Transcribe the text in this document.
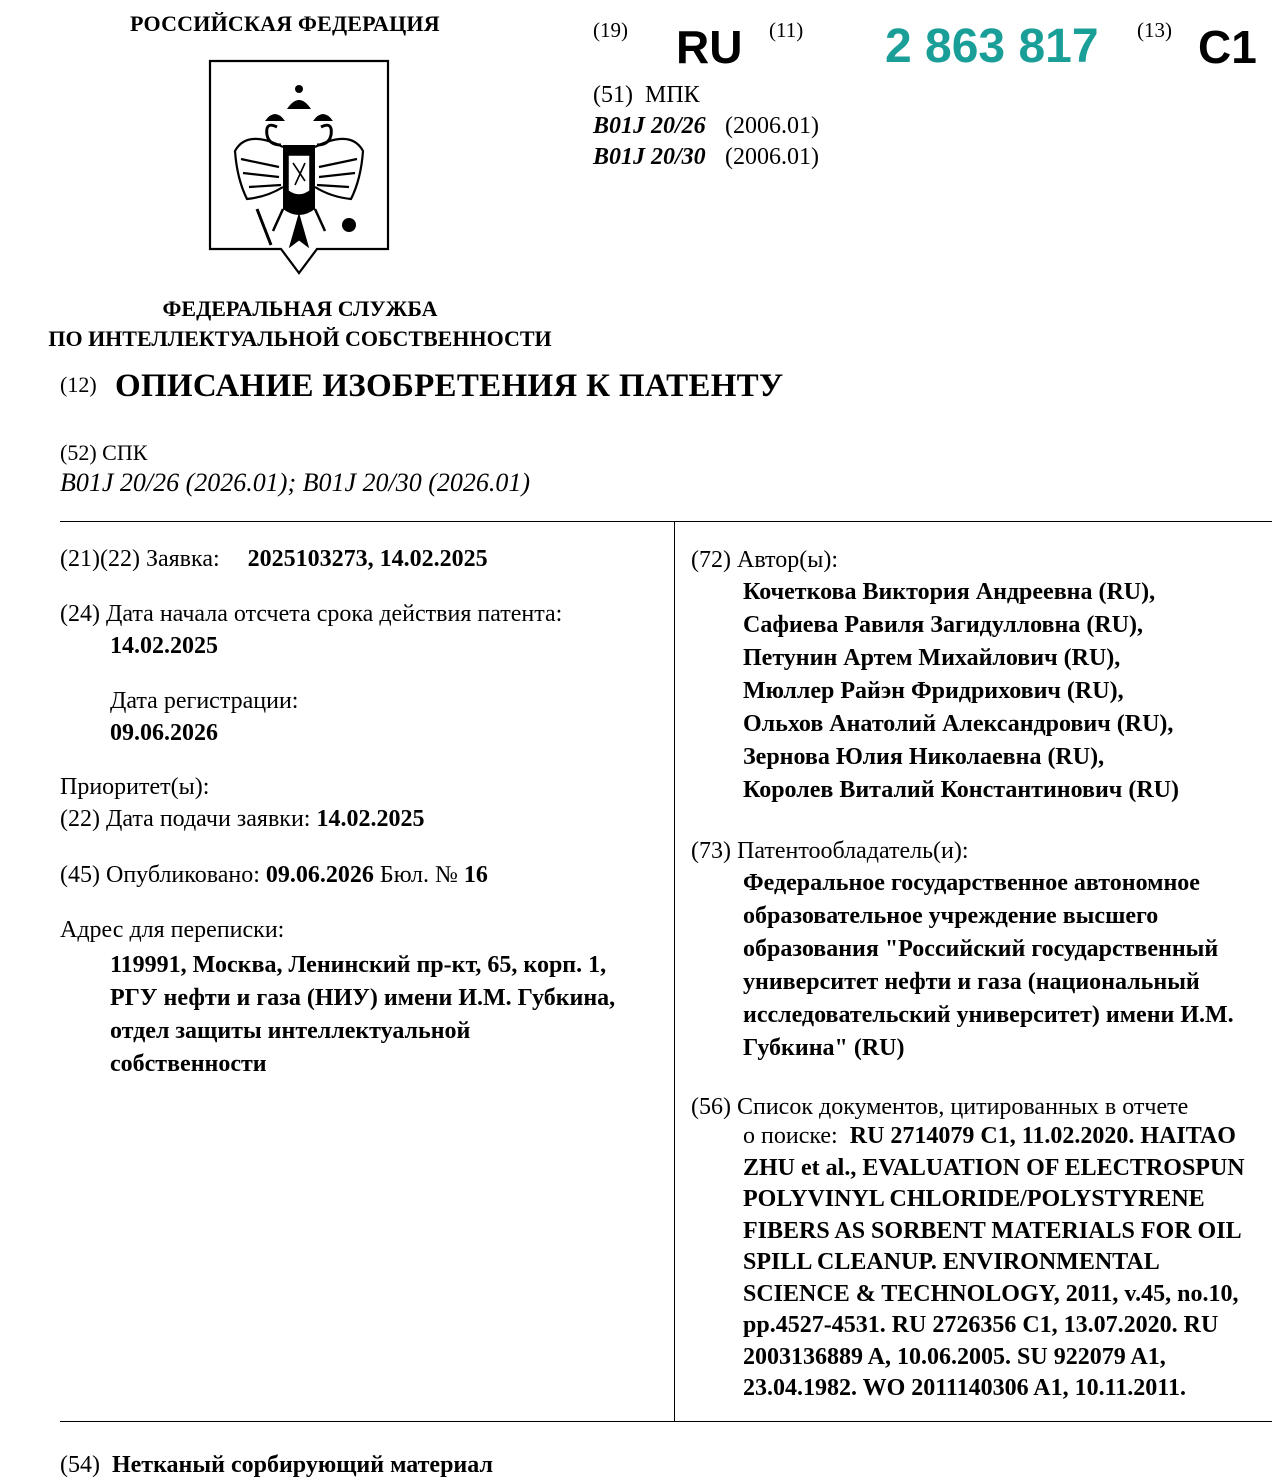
РОССИЙСКАЯ ФЕДЕРАЦИЯ
ФЕДЕРАЛЬНАЯ СЛУЖБА
ПО ИНТЕЛЛЕКТУАЛЬНОЙ СОБСТВЕННОСТИ
(19) RU (11) 2 863 817 (13) C1
(51) МПК
B01J 20/26 (2006.01)
B01J 20/30 (2006.01)
(12) ОПИСАНИЕ ИЗОБРЕТЕНИЯ К ПАТЕНТУ
(52) СПК
B01J 20/26 (2026.01); B01J 20/30 (2026.01)
(21)(22) Заявка: 2025103273, 14.02.2025
(24) Дата начала отсчета срока действия патента:
14.02.2025
Дата регистрации:
09.06.2026
Приоритет(ы):
(22) Дата подачи заявки: 14.02.2025
(45) Опубликовано: 09.06.2026 Бюл. № 16
Адрес для переписки:
119991, Москва, Ленинский пр-кт, 65, корп. 1,
РГУ нефти и газа (НИУ) имени И.М. Губкина,
отдел защиты интеллектуальной
собственности
(72) Автор(ы):
Кочеткова Виктория Андреевна (RU),
Сафиева Равиля Загидулловна (RU),
Петунин Артем Михайлович (RU),
Мюллер Райэн Фридрихович (RU),
Ольхов Анатолий Александрович (RU),
Зернова Юлия Николаевна (RU),
Королев Виталий Константинович (RU)
(73) Патентообладатель(и):
Федеральное государственное автономное
образовательное учреждение высшего
образования "Российский государственный
университет нефти и газа (национальный
исследовательский университет) имени И.М.
Губкина" (RU)
(56) Список документов, цитированных в отчете
о поиске: RU 2714079 C1, 11.02.2020. HAITAO
ZHU et al., EVALUATION OF ELECTROSPUN
POLYVINYL CHLORIDE/POLYSTYRENE
FIBERS AS SORBENT MATERIALS FOR OIL
SPILL CLEANUP. ENVIRONMENTAL
SCIENCE & TECHNOLOGY, 2011, v.45, no.10,
pp.4527-4531. RU 2726356 C1, 13.07.2020. RU
2003136889 A, 10.06.2005. SU 922079 A1,
23.04.1982. WO 2011140306 A1, 10.11.2011.
(54) Нетканый сорбирующий материал
